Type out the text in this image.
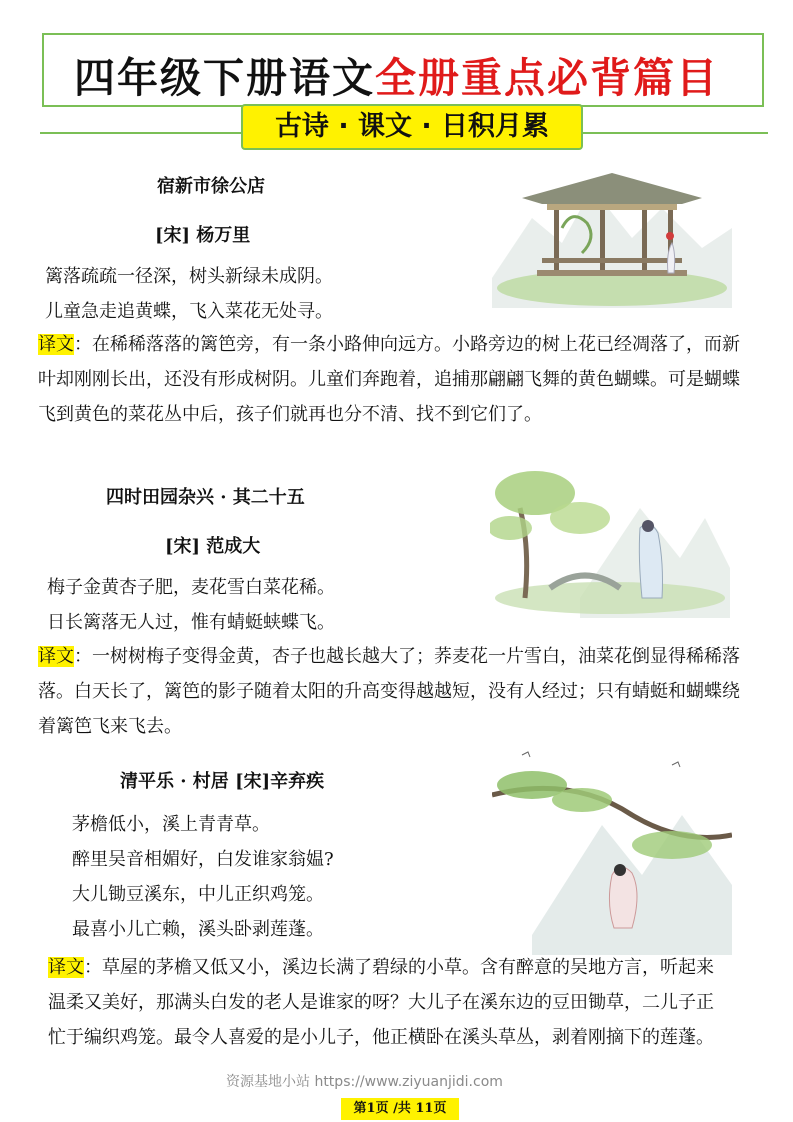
四年级下册语文全册重点必背篇目
古诗 · 课文 · 日积月累
宿新市徐公店
[宋] 杨万里
篱落疏疏一径深，树头新绿未成阴。
儿童急走追黄蝶，飞入菜花无处寻。
译文：在稀稀落落的篱笆旁，有一条小路伸向远方。小路旁边的树上花已经凋落了，而新叶却刚刚长出，还没有形成树阴。儿童们奔跑着，追捕那翩翩飞舞的黄色蝴蝶。可是蝴蝶飞到黄色的菜花丛中后，孩子们就再也分不清、找不到它们了。
四时田园杂兴 · 其二十五
[宋] 范成大
梅子金黄杏子肥，麦花雪白菜花稀。
日长篱落无人过，惟有蜻蜓蛱蝶飞。
译文：一树树梅子变得金黄，杏子也越长越大了；荞麦花一片雪白，油菜花倒显得稀稀落落。白天长了，篱笆的影子随着太阳的升高变得越越短，没有人经过；只有蜻蜓和蝴蝶绕着篱笆飞来飞去。
清平乐 · 村居 [宋]辛弃疾
茅檐低小，溪上青青草。
醉里吴音相媚好，白发谁家翁媪?
大儿锄豆溪东，中儿正织鸡笼。
最喜小儿亡赖，溪头卧剥莲蓬。
译文：草屋的茅檐又低又小，溪边长满了碧绿的小草。含有醉意的吴地方言，听起来温柔又美好，那满头白发的老人是谁家的呀？大儿子在溪东边的豆田锄草，二儿子正忙于编织鸡笼。最令人喜爱的是小儿子，他正横卧在溪头草丛，剥着刚摘下的莲蓬。
资源基地小站 https://www.ziyuanjidi.com
第1页 /共 11页
